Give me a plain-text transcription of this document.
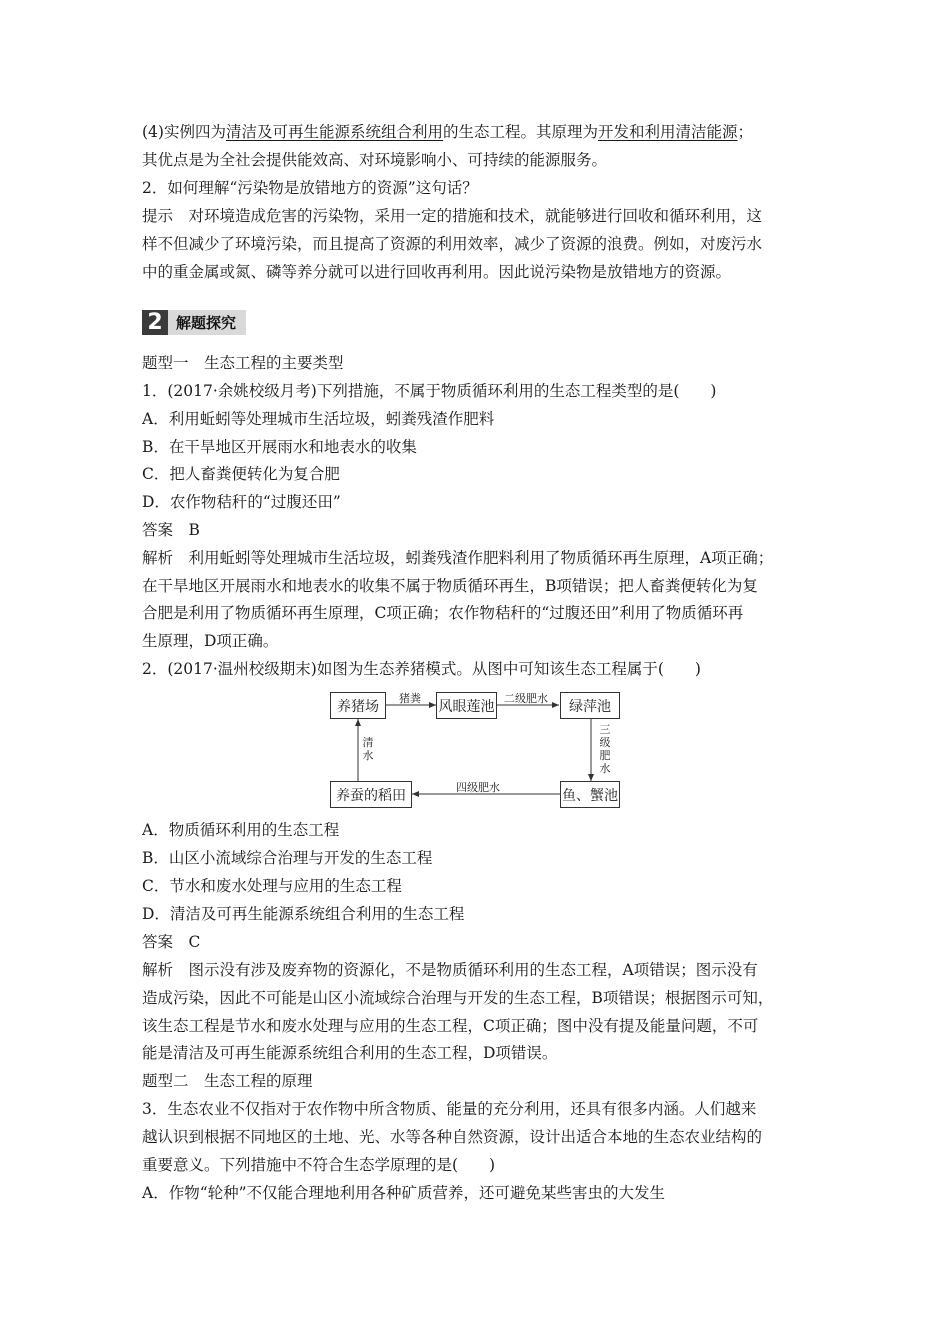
(4)实例四为清洁及可再生能源系统组合利用的生态工程。其原理为开发和利用清洁能源；
其优点是为全社会提供能效高、对环境影响小、可持续的能源服务。
2．如何理解“污染物是放错地方的资源”这句话？
提示　对环境造成危害的污染物，采用一定的措施和技术，就能够进行回收和循环利用，这
样不但减少了环境污染，而且提高了资源的利用效率，减少了资源的浪费。例如，对废污水
中的重金属或氮、磷等养分就可以进行回收再利用。因此说污染物是放错地方的资源。
2 解题探究
题型一　生态工程的主要类型
1．(2017·余姚校级月考)下列措施，不属于物质循环利用的生态工程类型的是(　　)
A．利用蚯蚓等处理城市生活垃圾，蚓粪残渣作肥料
B．在干旱地区开展雨水和地表水的收集
C．把人畜粪便转化为复合肥
D．农作物秸秆的“过腹还田”
答案　B
解析　利用蚯蚓等处理城市生活垃圾，蚓粪残渣作肥料利用了物质循环再生原理，A项正确；
在干旱地区开展雨水和地表水的收集不属于物质循环再生，B项错误；把人畜粪便转化为复
合肥是利用了物质循环再生原理，C项正确；农作物秸秆的“过腹还田”利用了物质循环再
生原理，D项正确。
2．(2017·温州校级期末)如图为生态养猪模式。从图中可知该生态工程属于(　　)
养猪场	风眼莲池	绿萍池
鱼、蟹池
养蚕的稻田
猪粪	二级肥水
三级肥水
四级肥水
清水
A．物质循环利用的生态工程
B．山区小流域综合治理与开发的生态工程
C．节水和废水处理与应用的生态工程
D．清洁及可再生能源系统组合利用的生态工程
答案　C
解析　图示没有涉及废弃物的资源化，不是物质循环利用的生态工程，A项错误；图示没有
造成污染，因此不可能是山区小流域综合治理与开发的生态工程，B项错误；根据图示可知，
该生态工程是节水和废水处理与应用的生态工程，C项正确；图中没有提及能量问题，不可
能是清洁及可再生能源系统组合利用的生态工程，D项错误。
题型二　生态工程的原理
3．生态农业不仅指对于农作物中所含物质、能量的充分利用，还具有很多内涵。人们越来
越认识到根据不同地区的土地、光、水等各种自然资源，设计出适合本地的生态农业结构的
重要意义。下列措施中不符合生态学原理的是(　　)
A．作物“轮种”不仅能合理地利用各种矿质营养，还可避免某些害虫的大发生
